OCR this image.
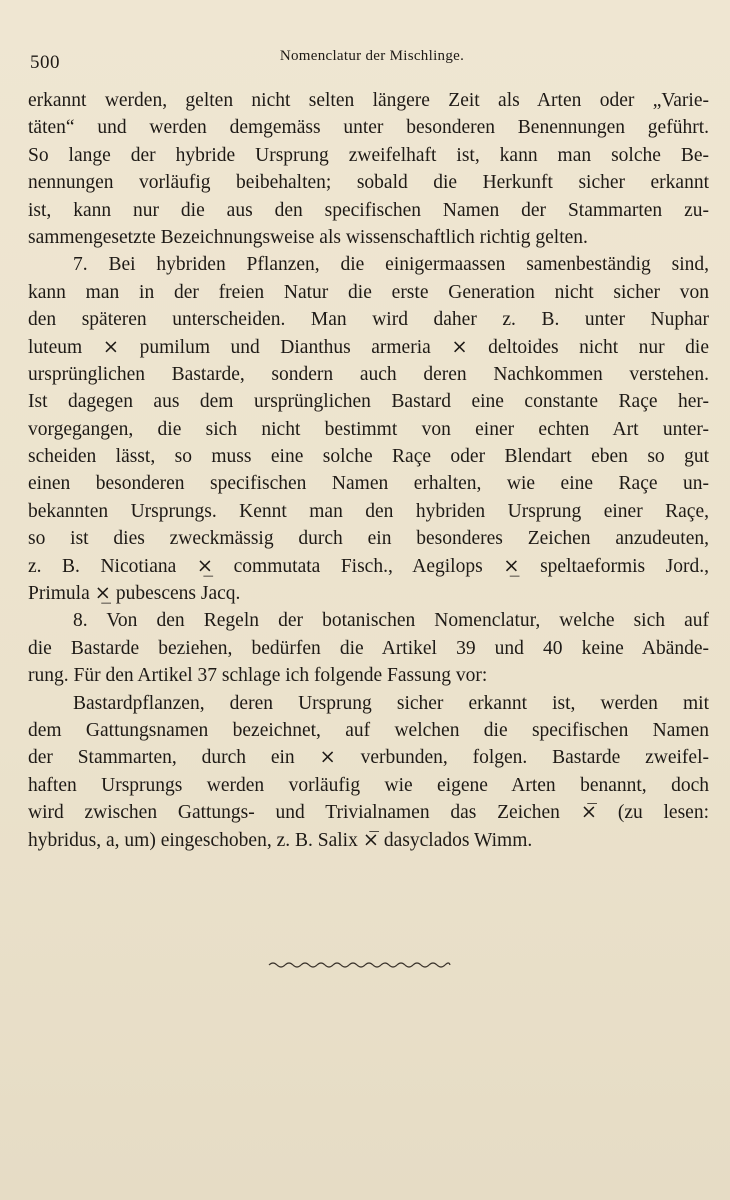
500	Nomenclatur der Mischlinge.
erkannt werden, gelten nicht selten längere Zeit als Arten oder „Varie-
täten“ und werden demgemäss unter besonderen Benennungen geführt.
So lange der hybride Ursprung zweifelhaft ist, kann man solche Be-
nennungen vorläufig beibehalten; sobald die Herkunft sicher erkannt
ist, kann nur die aus den specifischen Namen der Stammarten zu-
sammengesetzte Bezeichnungsweise als wissenschaftlich richtig gelten.
7. Bei hybriden Pflanzen, die einigermaassen samenbeständig sind,
kann man in der freien Natur die erste Generation nicht sicher von
den späteren unterscheiden. Man wird daher z. B. unter Nuphar
luteum ⨯ pumilum und Dianthus armeria ⨯ deltoides nicht nur die
ursprünglichen Bastarde, sondern auch deren Nachkommen verstehen.
Ist dagegen aus dem ursprünglichen Bastard eine constante Raçe her-
vorgegangen, die sich nicht bestimmt von einer echten Art unter-
scheiden lässt, so muss eine solche Raçe oder Blendart eben so gut
einen besonderen specifischen Namen erhalten, wie eine Raçe un-
bekannten Ursprungs. Kennt man den hybriden Ursprung einer Raçe,
so ist dies zweckmässig durch ein besonderes Zeichen anzudeuten,
z. B. Nicotiana ⨯̲ commutata Fisch., Aegilops ⨯̲ speltaeformis Jord.,
Primula ⨯̲ pubescens Jacq.
8. Von den Regeln der botanischen Nomenclatur, welche sich auf
die Bastarde beziehen, bedürfen die Artikel 39 und 40 keine Abände-
rung. Für den Artikel 37 schlage ich folgende Fassung vor:
Bastardpflanzen, deren Ursprung sicher erkannt ist, werden mit
dem Gattungsnamen bezeichnet, auf welchen die specifischen Namen
der Stammarten, durch ein ⨯ verbunden, folgen. Bastarde zweifel-
haften Ursprungs werden vorläufig wie eigene Arten benannt, doch
wird zwischen Gattungs- und Trivialnamen das Zeichen ⨯̅ (zu lesen:
hybridus, a, um) eingeschoben, z. B. Salix ⨯̅ dasyclados Wimm.
